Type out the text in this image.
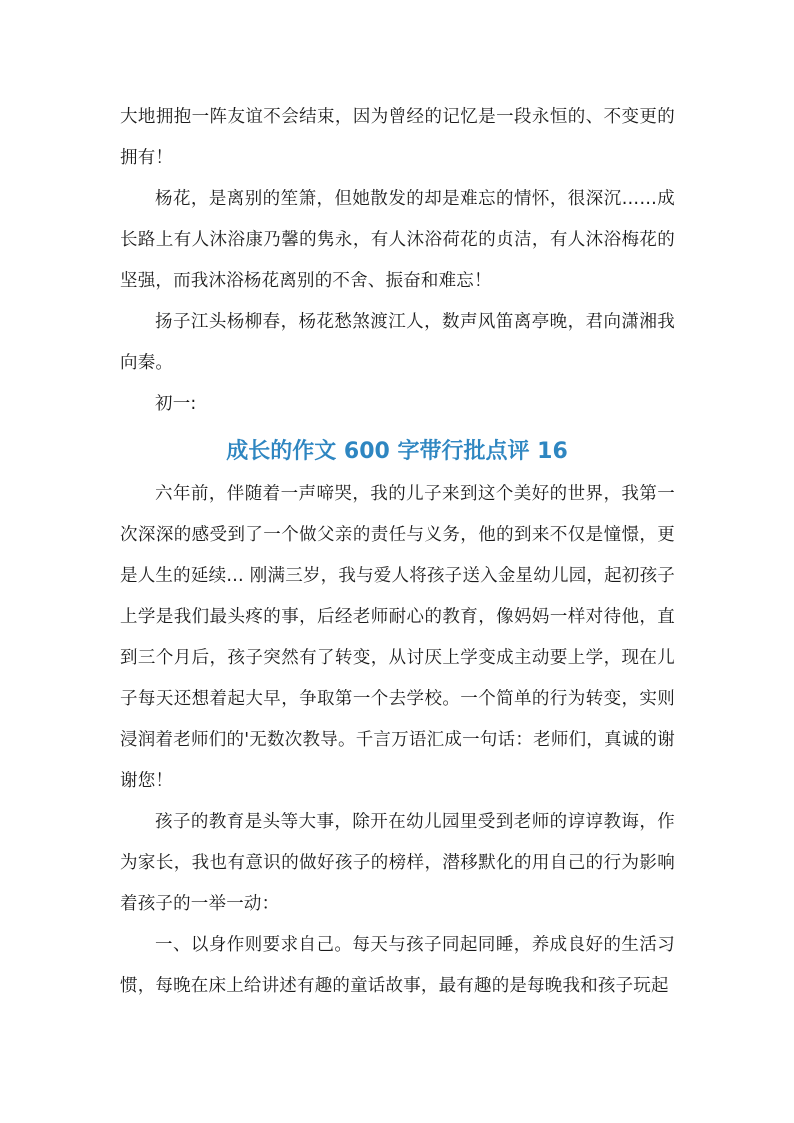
大地拥抱一阵友谊不会结束，因为曾经的记忆是一段永恒的、不变更的拥有！

杨花，是离别的笙箫，但她散发的却是难忘的情怀，很深沉……成长路上有人沐浴康乃馨的隽永，有人沐浴荷花的贞洁，有人沐浴梅花的坚强，而我沐浴杨花离别的不舍、振奋和难忘！

扬子江头杨柳春，杨花愁煞渡江人，数声风笛离亭晚，君向潇湘我向秦。

初一:

成长的作文 600 字带行批点评 16

六年前，伴随着一声啼哭，我的儿子来到这个美好的世界，我第一次深深的感受到了一个做父亲的责任与义务，他的到来不仅是憧憬，更是人生的延续… 刚满三岁，我与爱人将孩子送入金星幼儿园，起初孩子上学是我们最头疼的事，后经老师耐心的教育，像妈妈一样对待他，直到三个月后，孩子突然有了转变，从讨厌上学变成主动要上学，现在儿子每天还想着起大早，争取第一个去学校。一个简单的行为转变，实则浸润着老师们的'无数次教导。千言万语汇成一句话：老师们，真诚的谢谢您！

孩子的教育是头等大事，除开在幼儿园里受到老师的谆谆教诲，作为家长，我也有意识的做好孩子的榜样，潜移默化的用自己的行为影响着孩子的一举一动：

一、以身作则要求自己。每天与孩子同起同睡，养成良好的生活习惯，每晚在床上给讲述有趣的童话故事，最有趣的是每晚我和孩子玩起
